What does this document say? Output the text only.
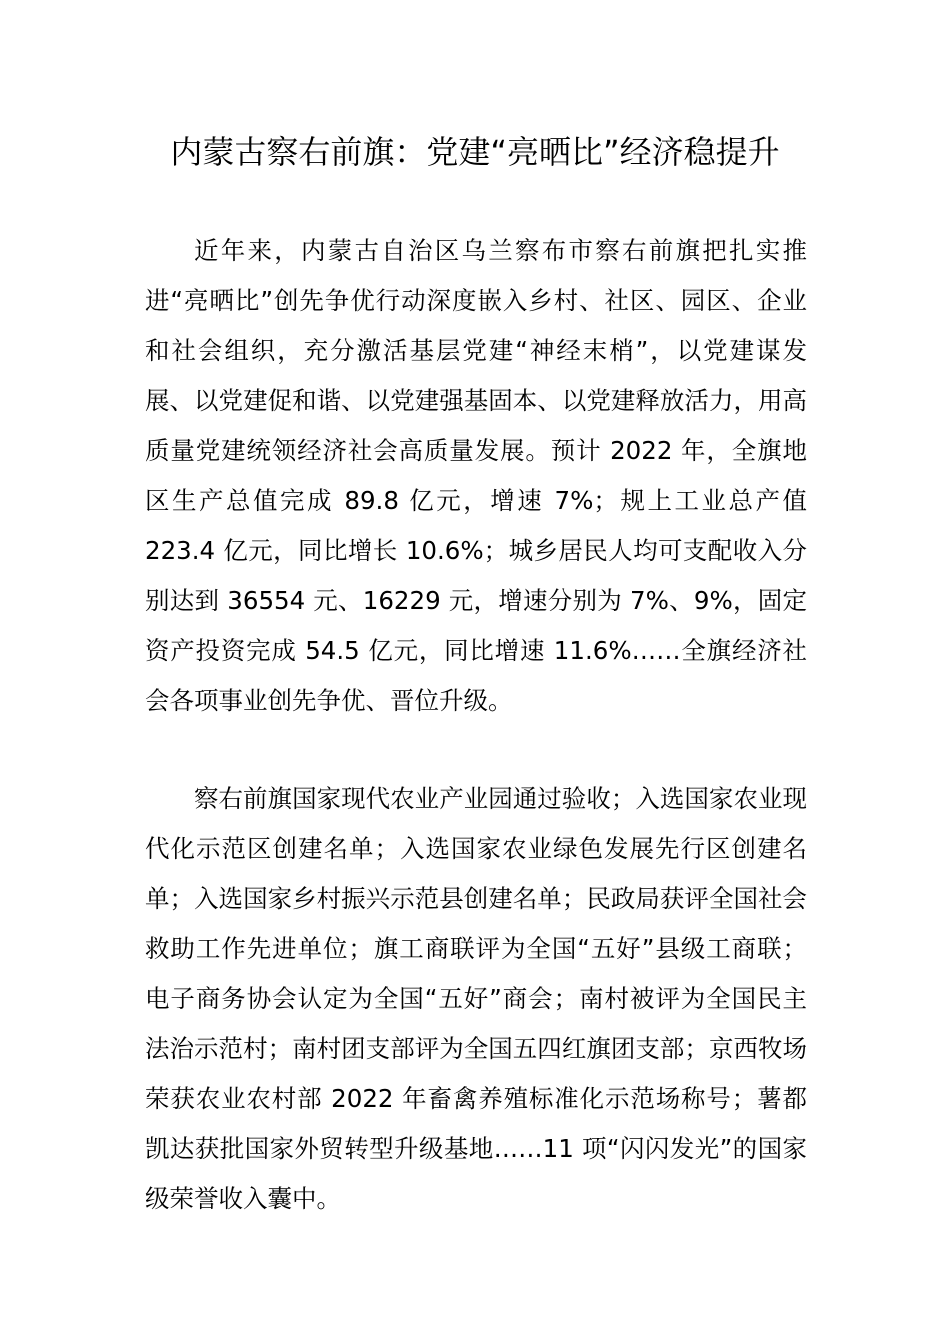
内蒙古察右前旗：党建“亮晒比”经济稳提升

近年来，内蒙古自治区乌兰察布市察右前旗把扎实推进“亮晒比”创先争优行动深度嵌入乡村、社区、园区、企业和社会组织，充分激活基层党建“神经末梢”，以党建谋发展、以党建促和谐、以党建强基固本、以党建释放活力，用高质量党建统领经济社会高质量发展。预计 2022 年，全旗地区生产总值完成 89.8 亿元，增速 7%；规上工业总产值 223.4 亿元，同比增长 10.6%；城乡居民人均可支配收入分别达到 36554 元、16229 元，增速分别为 7%、9%，固定资产投资完成 54.5 亿元，同比增速 11.6%……全旗经济社会各项事业创先争优、晋位升级。

察右前旗国家现代农业产业园通过验收；入选国家农业现代化示范区创建名单；入选国家农业绿色发展先行区创建名单；入选国家乡村振兴示范县创建名单；民政局获评全国社会救助工作先进单位；旗工商联评为全国“五好”县级工商联；电子商务协会认定为全国“五好”商会；南村被评为全国民主法治示范村；南村团支部评为全国五四红旗团支部；京西牧场荣获农业农村部 2022 年畜禽养殖标准化示范场称号；薯都凯达获批国家外贸转型升级基地……11 项“闪闪发光”的国家级荣誉收入囊中。
